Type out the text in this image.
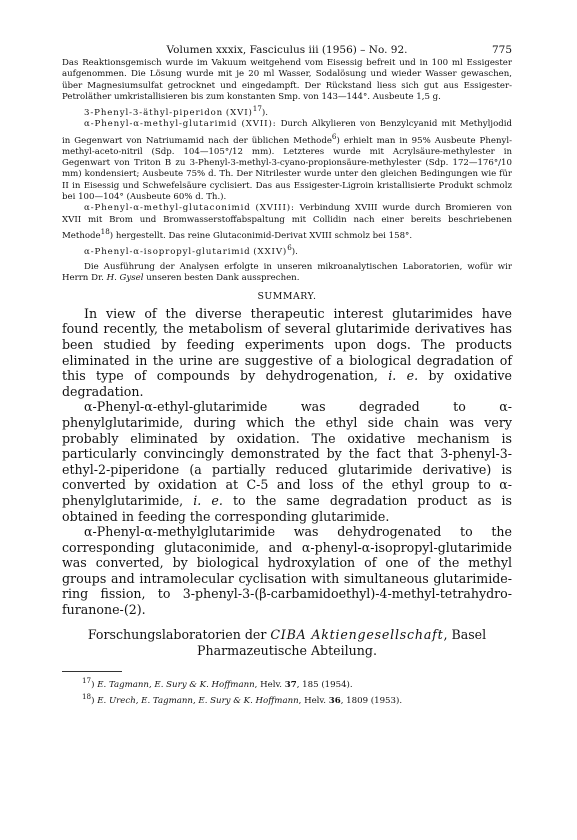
Volumen xxxix, Fasciculus iii (1956) – No. 92.	775

Das Reaktionsgemisch wurde im Vakuum weitgehend vom Eisessig befreit und in 100 ml Essigester aufgenommen. Die Lösung wurde mit je 20 ml Wasser, Sodalösung und wieder Wasser gewaschen, über Magnesiumsulfat getrocknet und eingedampft. Der Rückstand liess sich gut aus Essigester-Petroläther umkristallisieren bis zum konstanten Smp. von 143—144°. Ausbeute 1,5 g.

3-Phenyl-3-äthyl-piperidon (XVI)$^{17}$).

α-Phenyl-α-methyl-glutarimid (XVII): Durch Alkylieren von Benzylcyanid mit Methyljodid in Gegenwart von Natriumamid nach der üblichen Methode$^6$) erhielt man in 95% Ausbeute Phenyl-methyl-aceto-nitril (Sdp. 104—105°/12 mm). Letzteres wurde mit Acrylsäure-methylester in Gegenwart von Triton B zu 3-Phenyl-3-methyl-3-cyano-propionsäure-methylester (Sdp. 172—176°/10 mm) kondensiert; Ausbeute 75% d. Th. Der Nitrilester wurde unter den gleichen Bedingungen wie für II in Eisessig und Schwefelsäure cyclisiert. Das aus Essigester-Ligroin kristallisierte Produkt schmolz bei 100—104° (Ausbeute 60% d. Th.).

α-Phenyl-α-methyl-glutaconimid (XVIII): Verbindung XVIII wurde durch Bromieren von XVII mit Brom und Bromwasserstoffabspaltung mit Collidin nach einer bereits beschriebenen Methode$^{18}$) hergestellt. Das reine Glutaconimid-Derivat XVIII schmolz bei 158°.

α-Phenyl-α-isopropyl-glutarimid (XXIV)$^6$).

Die Ausführung der Analysen erfolgte in unseren mikroanalytischen Laboratorien, wofür wir Herrn Dr. H. Gysel unseren besten Dank aussprechen.

SUMMARY.

In view of the diverse therapeutic interest glutarimides have found recently, the metabolism of several glutarimide derivatives has been studied by feeding experiments upon dogs. The products eliminated in the urine are suggestive of a biological degradation of this type of compounds by dehydrogenation, i. e. by oxidative degradation.

α-Phenyl-α-ethyl-glutarimide was degraded to α-phenylglutarimide, during which the ethyl side chain was very probably eliminated by oxidation. The oxidative mechanism is particularly convincingly demonstrated by the fact that 3-phenyl-3-ethyl-2-piperidone (a partially reduced glutarimide derivative) is converted by oxidation at C-5 and loss of the ethyl group to α-phenylglutarimide, i. e. to the same degradation product as is obtained in feeding the corresponding glutarimide.

α-Phenyl-α-methylglutarimide was dehydrogenated to the corresponding glutaconimide, and α-phenyl-α-isopropyl-glutarimide was converted, by biological hydroxylation of one of the methyl groups and intramolecular cyclisation with simultaneous glutarimide-ring fission, to 3-phenyl-3-(β-carbamidoethyl)-4-methyl-tetrahydro-furanone-(2).

Forschungslaboratorien der CIBA Aktiengesellschaft, Basel
Pharmazeutische Abteilung.

$^{17}$) E. Tagmann, E. Sury & K. Hoffmann, Helv. 37, 185 (1954).

$^{18}$) E. Urech, E. Tagmann, E. Sury & K. Hoffmann, Helv. 36, 1809 (1953).
